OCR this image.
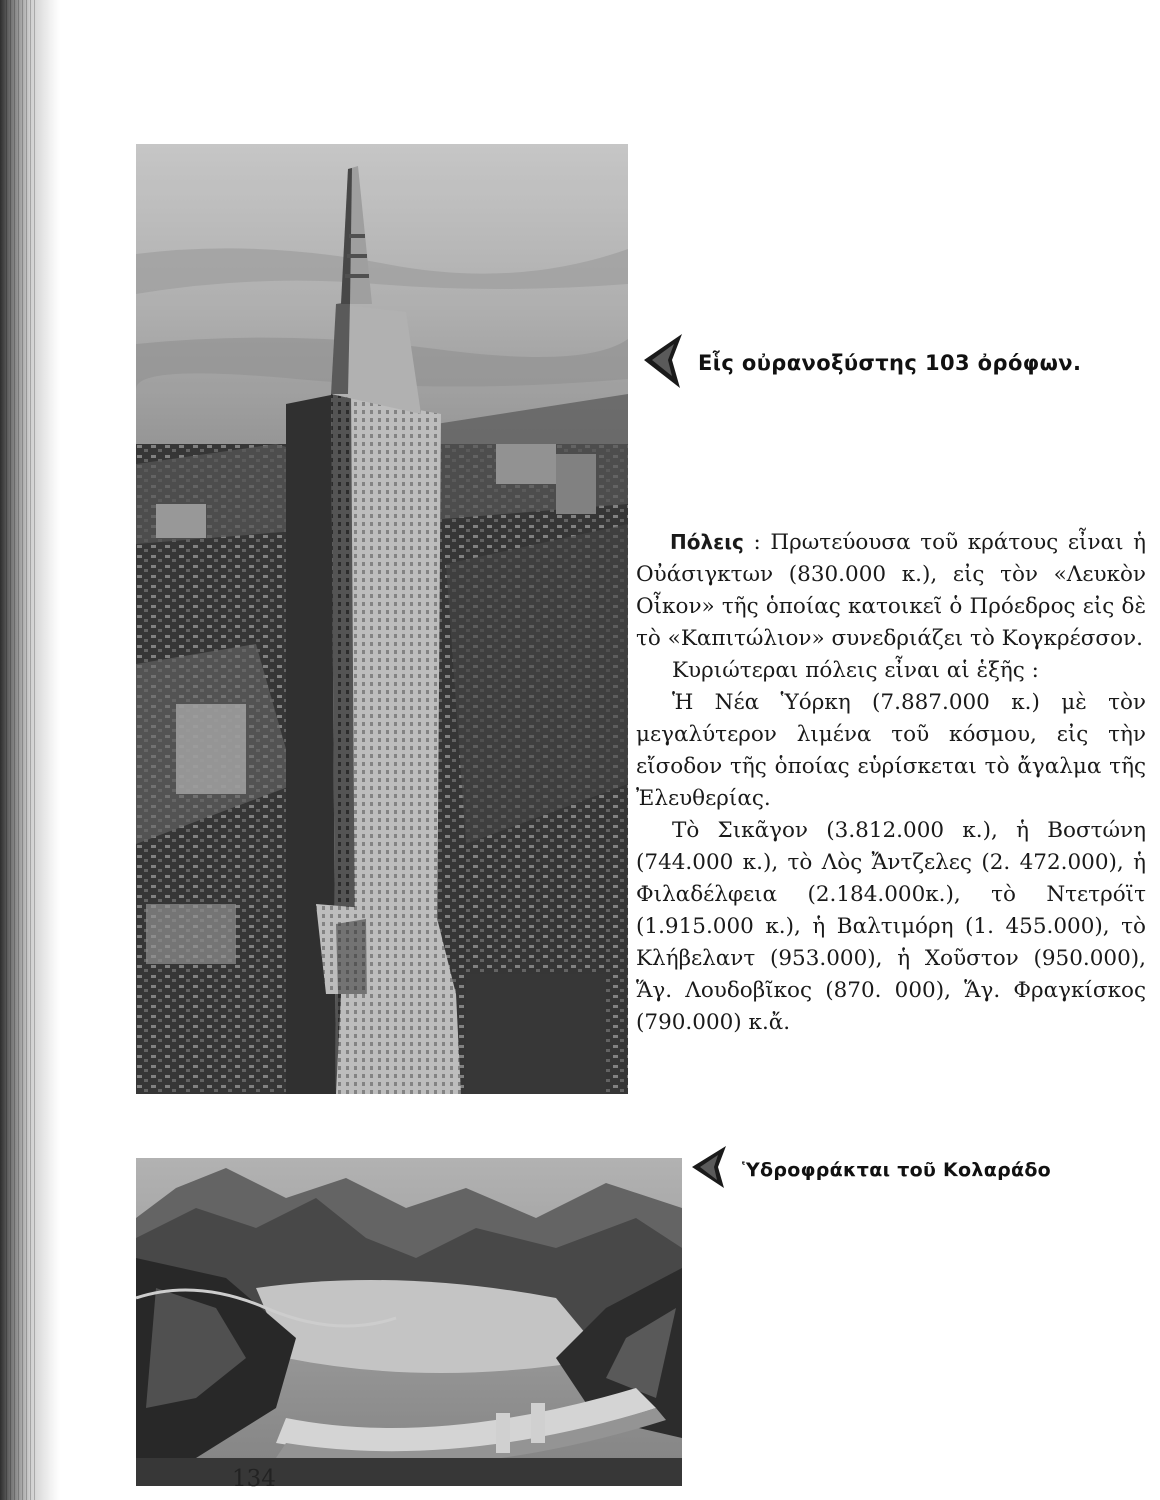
Εἷς οὐρανοξύστης 103 ὀρόφων.

Πόλεις : Πρωτεύουσα τοῦ κράτους εἶναι ἡ Οὐάσιγκτων (830.000 κ.), εἰς τὸν «Λευκὸν Οἶκον» τῆς ὁποίας κατοικεῖ ὁ Πρόεδρος εἰς δὲ τὸ «Καπιτώλιον» συνεδριάζει τὸ Κογκρέσσον.

Κυριώτεραι πόλεις εἶναι αἱ ἑξῆς :

Ἡ Νέα Ὑόρκη (7.887.000 κ.) μὲ τὸν μεγαλύτερον λιμένα τοῦ κόσμου, εἰς τὴν εἴσοδον τῆς ὁποίας εὑρίσκεται τὸ ἄγαλμα τῆς Ἐλευθερίας.

Τὸ Σικᾶγον (3.812.000 κ.), ἡ Βοστώνη (744.000 κ.), τὸ Λὸς Ἄντζελες (2. 472.000), ἡ Φιλαδέλφεια (2.184.000κ.), τὸ Ντετρόϊτ (1.915.000 κ.), ἡ Βαλτιμόρη (1. 455.000), τὸ Κλήβελαντ (953.000), ἡ Χοῦστον (950.000), Ἅγ. Λουδοβῖκος (870. 000), Ἅγ. Φραγκίσκος (790.000) κ.ἄ.

Ὑδροφράκται τοῦ Κολαράδο
134
